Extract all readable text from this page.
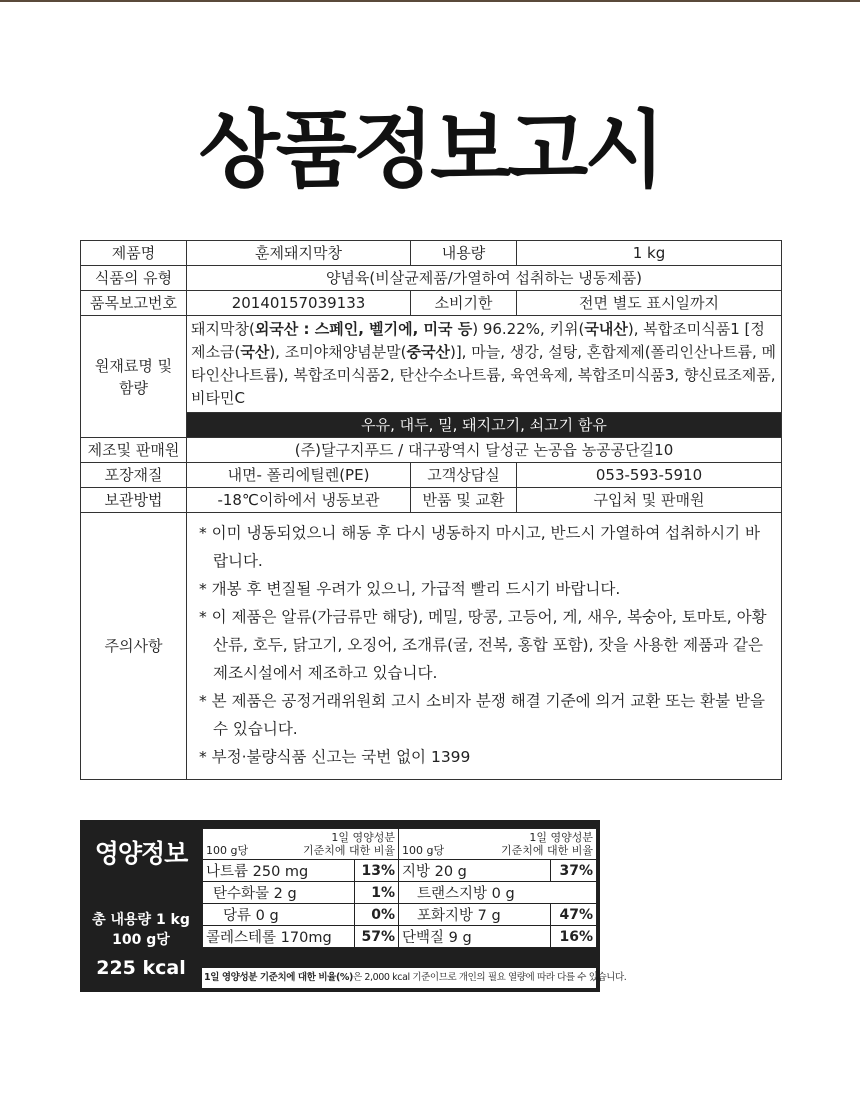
상품정보고시
제품명	훈제돼지막창	내용량	1 kg
식품의 유형	양념육(비살균제품/가열하여 섭취하는 냉동제품)		
품목보고번호	20140157039133	소비기한	전면 별도 표시일까지
원재료명 및 함량	돼지막창(외국산 : 스페인, 벨기에, 미국 등) 96.22%, 키위(국내산), 복합조미식품1 [정제소금(국산), 조미야채양념분말(중국산)], 마늘, 생강, 설탕, 혼합제제(폴리인산나트륨, 메타인산나트륨), 복합조미식품2, 탄산수소나트륨, 육연육제, 복합조미식품3, 향신료조제품, 비타민C		
	우유, 대두, 밀, 돼지고기, 쇠고기 함유		
제조및 판매원	(주)달구지푸드 / 대구광역시 달성군 논공읍 농공공단길10		
포장재질	내면- 폴리에틸렌(PE)	고객상담실	053-593-5910
보관방법	-18℃이하에서 냉동보관	반품 및 교환	구입처 및 판매원
주의사항	* 이미 냉동되었으니 해동 후 다시 냉동하지 마시고, 반드시 가열하여 섭취하시기 바랍니다.

* 개봉 후 변질될 우려가 있으니, 가급적 빨리 드시기 바랍니다.

* 이 제품은 알류(가금류만 해당), 메밀, 땅콩, 고등어, 게, 새우, 복숭아, 토마토, 아황산류, 호두, 닭고기, 오징어, 조개류(굴, 전복, 홍합 포함), 잣을 사용한 제품과 같은 제조시설에서 제조하고 있습니다.

* 본 제품은 공정거래위원회 고시 소비자 분쟁 해결 기준에 의거 교환 또는 환불 받을 수 있습니다.

* 부정·불량식품 신고는 국번 없이 1399		

영양정보
총 내용량 1 kg
100 g당
225 kcal
100 g당
1일 영양성분
기준치에 대한 비율		100 g당
1일 영양성분
기준치에 대한 비율	

나트륨 250 mg	13%	지방 20 g	37%
탄수화물 2 g	1%	트랜스지방 0 g	
당류 0 g	0%	포화지방 7 g	47%
콜레스테롤 170mg	57%	단백질 9 g	16%
1일 영양성분 기준치에 대한 비율(%)은 2,000 kcal 기준이므로 개인의 필요 열량에 따라 다를 수 있습니다.
